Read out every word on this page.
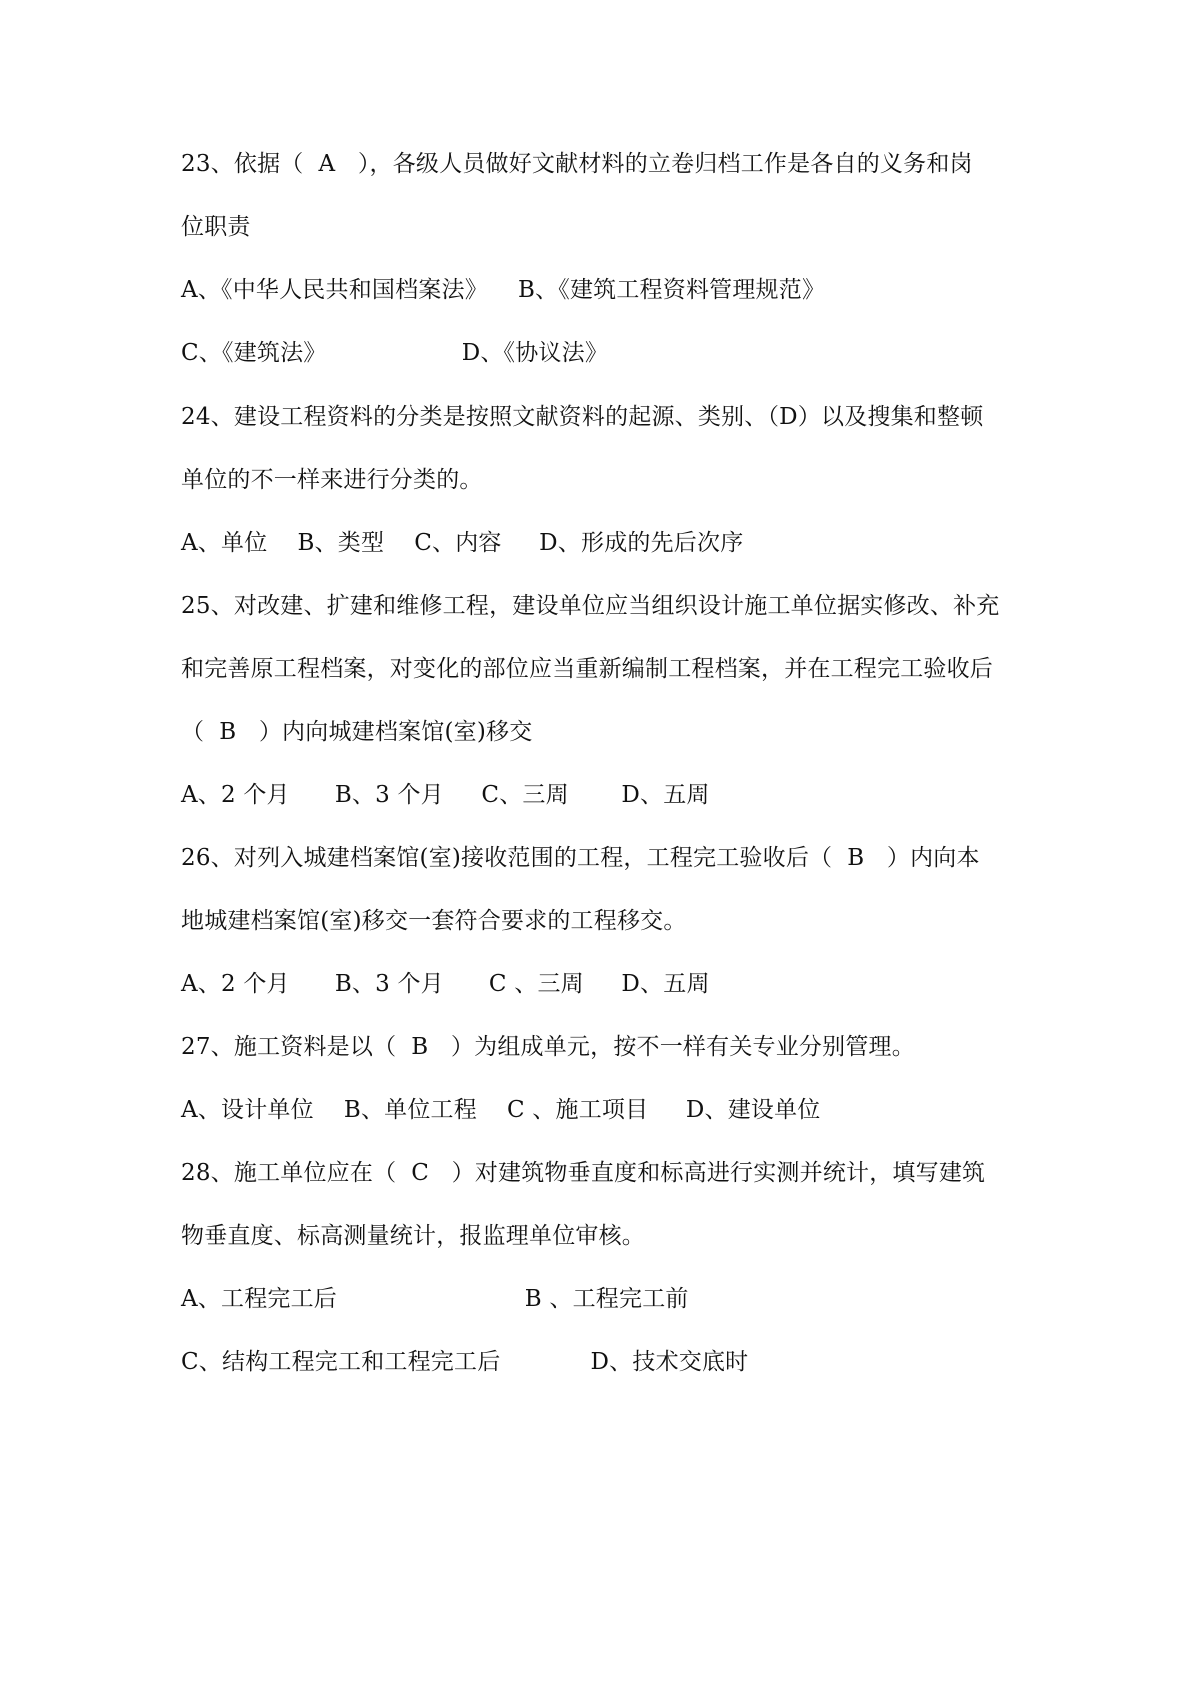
23、依据（  A   ），各级人员做好文献材料的立卷归档工作是各自的义务和岗
位职责
A、《中华人民共和国档案法》    B、《建筑工程资料管理规范》
C、《建筑法》                  D、《协议法》
24、建设工程资料的分类是按照文献资料的起源、类别、（D）以及搜集和整顿
单位的不一样来进行分类的。
A、单位    B、类型    C、内容     D、形成的先后次序
25、对改建、扩建和维修工程，建设单位应当组织设计施工单位据实修改、补充
和完善原工程档案，对变化的部位应当重新编制工程档案，并在工程完工验收后
（  B   ）内向城建档案馆(室)移交
A、2 个月      B、3 个月     C、三周       D、五周
26、对列入城建档案馆(室)接收范围的工程，工程完工验收后（  B   ）内向本
地城建档案馆(室)移交一套符合要求的工程移交。
A、2 个月      B、3 个月      C 、三周     D、五周
27、施工资料是以（  B   ）为组成单元，按不一样有关专业分别管理。
A、设计单位    B、单位工程    C 、施工项目     D、建设单位
28、施工单位应在（  C   ）对建筑物垂直度和标高进行实测并统计，填写建筑
物垂直度、标高测量统计，报监理单位审核。
A、工程完工后                         B 、工程完工前
C、结构工程完工和工程完工后            D、技术交底时
